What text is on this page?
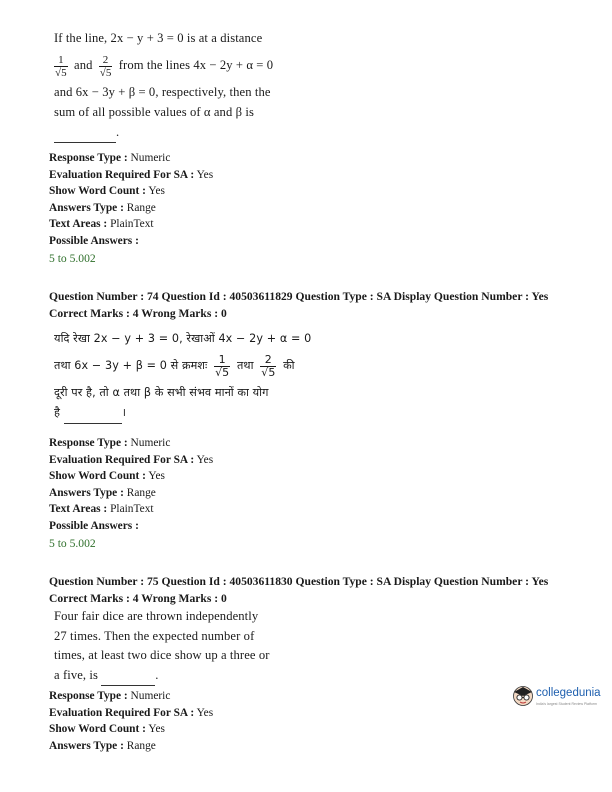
If the line, 2x − y + 3 = 0 is at a distance
$\frac{1}{√5}$ and $\frac{2}{√5}$ from the lines 4x − 2y + α = 0
and 6x − 3y + β = 0, respectively, then the
sum of all possible values of α and β is
.
Response Type : Numeric
Evaluation Required For SA : Yes
Show Word Count : Yes
Answers Type : Range
Text Areas : PlainText
Possible Answers :
5 to 5.002
Question Number : 74 Question Id : 40503611829 Question Type : SA Display Question Number : Yes
Correct Marks : 4 Wrong Marks : 0
यदि रेखा 2x − y + 3 = 0, रेखाओं 4x − 2y + α = 0
तथा 6x − 3y + β = 0 से क्रमशः $\frac{1}{√5}$ तथा $\frac{2}{√5}$ की
दूरी पर है, तो α तथा β के सभी संभव मानों का योग
है	।
Response Type : Numeric
Evaluation Required For SA : Yes
Show Word Count : Yes
Answers Type : Range
Text Areas : PlainText
Possible Answers :
5 to 5.002
Question Number : 75 Question Id : 40503611830 Question Type : SA Display Question Number : Yes
Correct Marks : 4 Wrong Marks : 0
Four fair dice are thrown independently
27 times. Then the expected number of
times, at least two dice show up a three or
a five, is	.
Response Type : Numeric
Evaluation Required For SA : Yes
Show Word Count : Yes
Answers Type : Range
collegedunia
India's largest Student Review Platform
